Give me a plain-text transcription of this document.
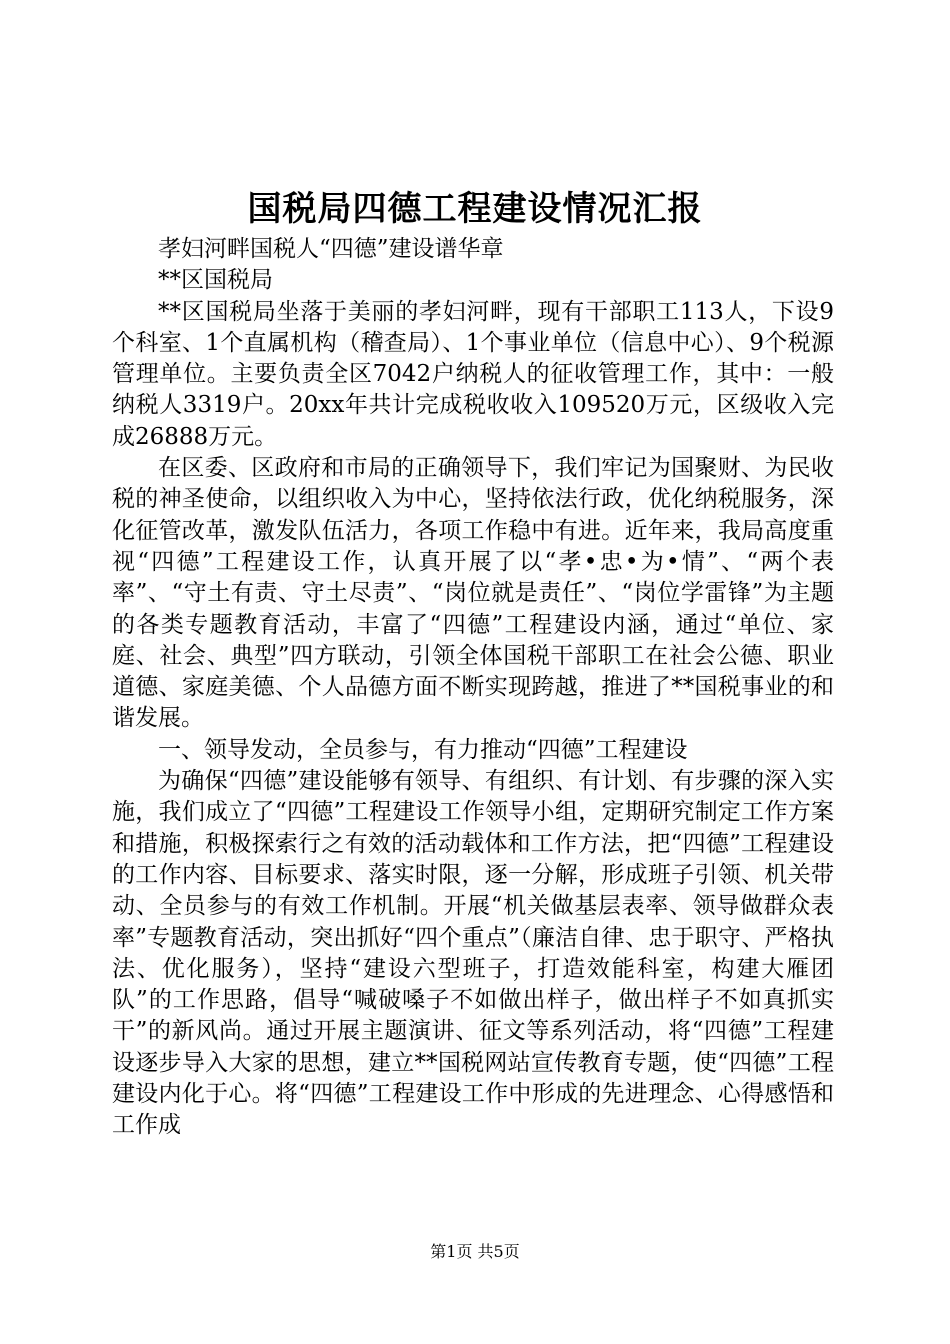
国税局四德工程建设情况汇报

孝妇河畔国税人“四德”建设谱华章

**区国税局

**区国税局坐落于美丽的孝妇河畔，现有干部职工113人，下设9个科室、1个直属机构（稽查局）、1个事业单位（信息中心）、9个税源管理单位。主要负责全区7042户纳税人的征收管理工作，其中：一般纳税人3319户。20xx年共计完成税收收入109520万元，区级收入完成26888万元。

在区委、区政府和市局的正确领导下，我们牢记为国聚财、为民收税的神圣使命，以组织收入为中心，坚持依法行政，优化纳税服务，深化征管改革，激发队伍活力，各项工作稳中有进。近年来，我局高度重视“四德”工程建设工作，认真开展了以“孝•忠•为•情”、“两个表率”、“守土有责、守土尽责”、“岗位就是责任”、“岗位学雷锋”为主题的各类专题教育活动，丰富了“四德”工程建设内涵，通过“单位、家庭、社会、典型”四方联动，引领全体国税干部职工在社会公德、职业道德、家庭美德、个人品德方面不断实现跨越，推进了**国税事业的和谐发展。

一、领导发动，全员参与，有力推动“四德”工程建设

为确保“四德”建设能够有领导、有组织、有计划、有步骤的深入实施，我们成立了“四德”工程建设工作领导小组，定期研究制定工作方案和措施，积极探索行之有效的活动载体和工作方法，把“四德”工程建设的工作内容、目标要求、落实时限，逐一分解，形成班子引领、机关带动、全员参与的有效工作机制。开展“机关做基层表率、领导做群众表率”专题教育活动，突出抓好“四个重点”（廉洁自律、忠于职守、严格执法、优化服务），坚持“建设六型班子，打造效能科室，构建大雁团队”的工作思路，倡导“喊破嗓子不如做出样子，做出样子不如真抓实干”的新风尚。通过开展主题演讲、征文等系列活动，将“四德”工程建设逐步导入大家的思想，建立**国税网站宣传教育专题，使“四德”工程建设内化于心。将“四德”工程建设工作中形成的先进理念、心得感悟和工作成

第1页 共5页
